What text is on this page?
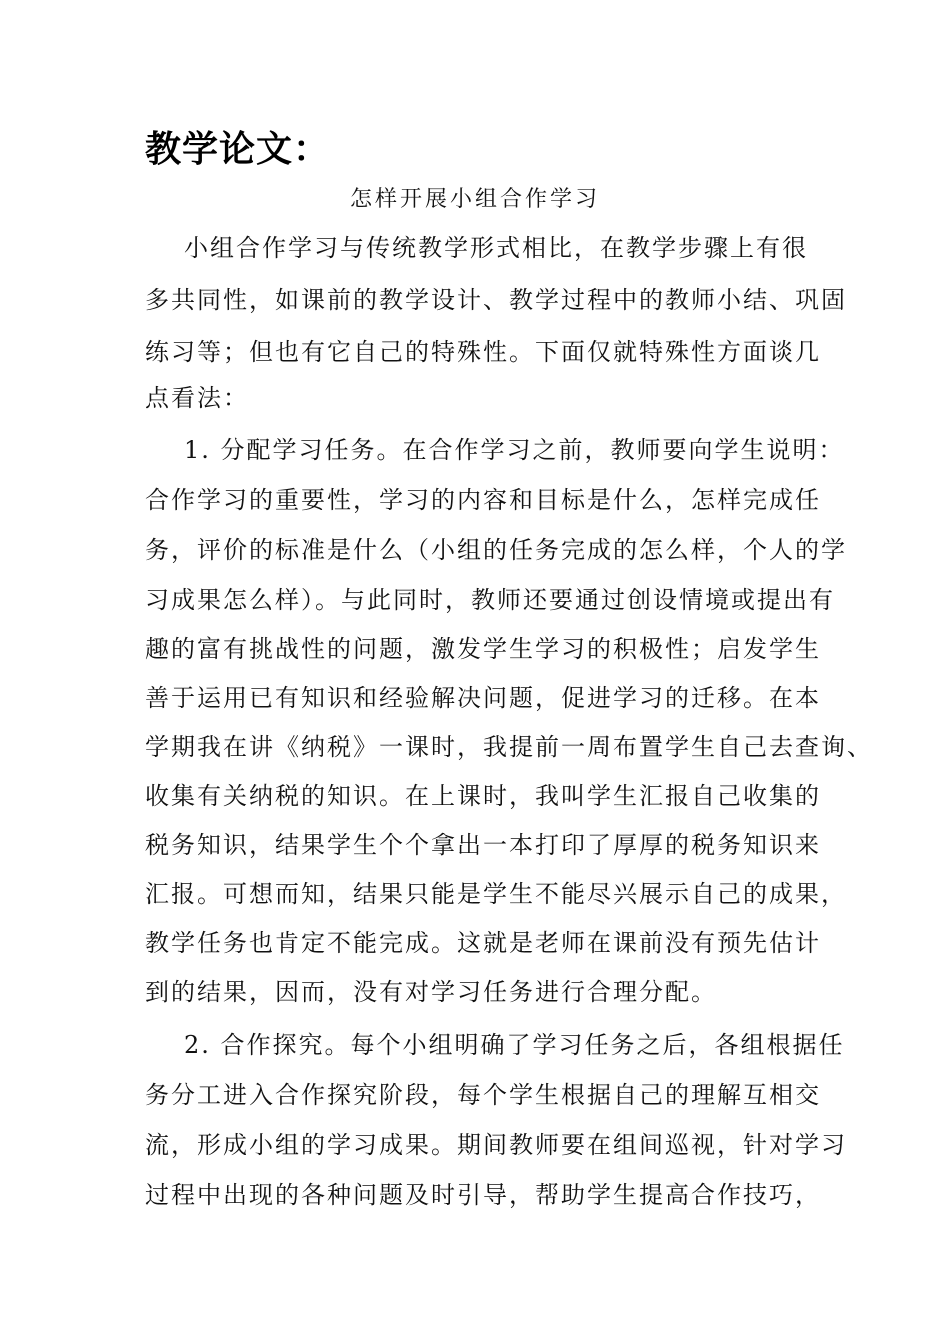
教学论文：
怎样开展小组合作学习
小组合作学习与传统教学形式相比，在教学步骤上有很
多共同性，如课前的教学设计、教学过程中的教师小结、巩固
练习等；但也有它自己的特殊性。下面仅就特殊性方面谈几
点看法：
1. 分配学习任务。在合作学习之前，教师要向学生说明：
合作学习的重要性，学习的内容和目标是什么，怎样完成任
务，评价的标准是什么（小组的任务完成的怎么样，个人的学
习成果怎么样）。与此同时，教师还要通过创设情境或提出有
趣的富有挑战性的问题，激发学生学习的积极性；启发学生
善于运用已有知识和经验解决问题，促进学习的迁移。在本
学期我在讲《纳税》一课时，我提前一周布置学生自己去查询、
收集有关纳税的知识。在上课时，我叫学生汇报自己收集的
税务知识，结果学生个个拿出一本打印了厚厚的税务知识来
汇报。可想而知，结果只能是学生不能尽兴展示自己的成果，
教学任务也肯定不能完成。这就是老师在课前没有预先估计
到的结果，因而，没有对学习任务进行合理分配。
2. 合作探究。每个小组明确了学习任务之后，各组根据任
务分工进入合作探究阶段，每个学生根据自己的理解互相交
流，形成小组的学习成果。期间教师要在组间巡视，针对学习
过程中出现的各种问题及时引导，帮助学生提高合作技巧，
